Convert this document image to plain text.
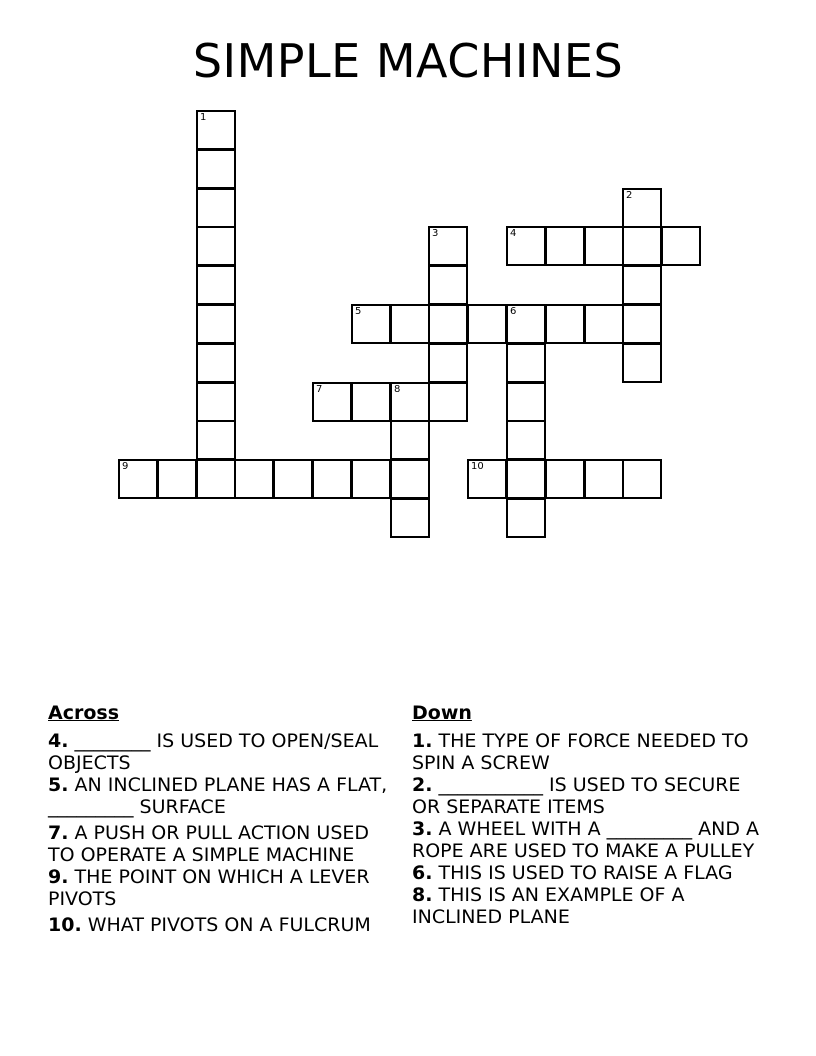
SIMPLE MACHINES
1
2
3	4
5	6
7	8
9	10
Across
4. ________ IS USED TO OPEN/SEAL OBJECTS
5. AN INCLINED PLANE HAS A FLAT, _________ SURFACE
7. A PUSH OR PULL ACTION USED TO OPERATE A SIMPLE MACHINE
9. THE POINT ON WHICH A LEVER PIVOTS
10. WHAT PIVOTS ON A FULCRUM
Down
1. THE TYPE OF FORCE NEEDED TO SPIN A SCREW
2. ___________ IS USED TO SECURE OR SEPARATE ITEMS
3. A WHEEL WITH A _________ AND A ROPE ARE USED TO MAKE A PULLEY
6. THIS IS USED TO RAISE A FLAG
8. THIS IS AN EXAMPLE OF A INCLINED PLANE
